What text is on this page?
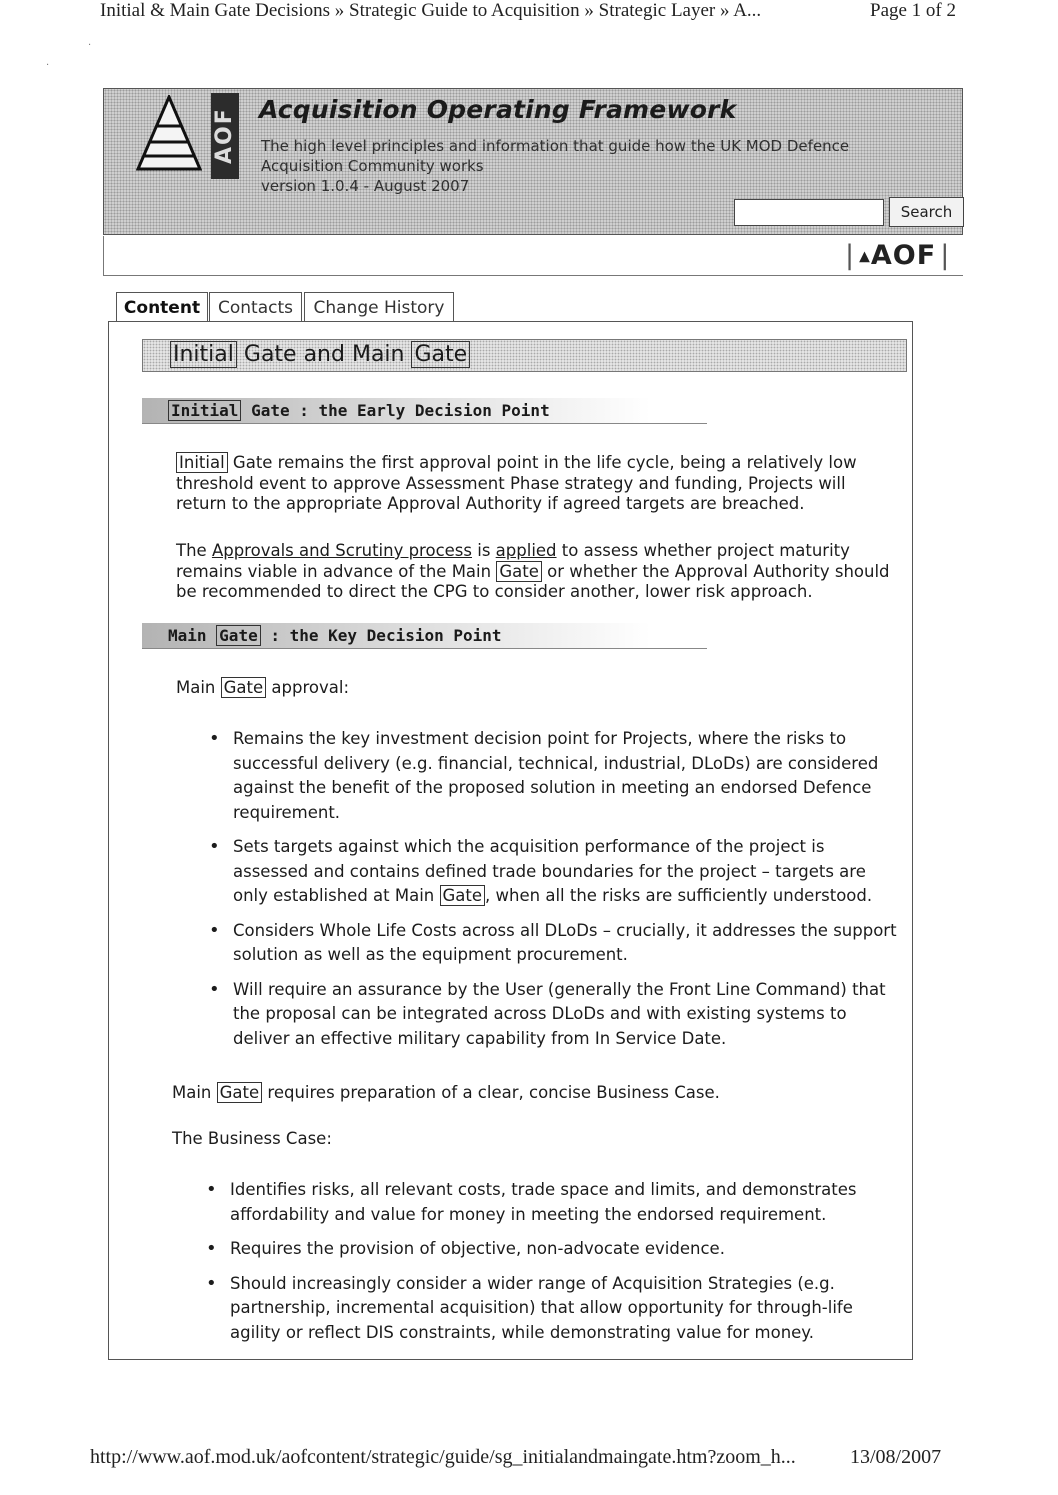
Initial & Main Gate Decisions » Strategic Guide to Acquisition » Strategic Layer » A...	Page 1 of 2
·
·
AOF Acquisition Operating Framework
The high level principles and information that guide how the UK MOD Defence Acquisition Community works
version 1.0.4 - August 2007
Search
| ▲AOF |
Content	Contacts	Change History
Initial Gate and Main Gate
Initial Gate : the Early Decision Point
Initial Gate remains the first approval point in the life cycle, being a relatively low threshold event to approve Assessment Phase strategy and funding, Projects will return to the appropriate Approval Authority if agreed targets are breached.
The Approvals and Scrutiny process is applied to assess whether project maturity remains viable in advance of the Main Gate or whether the Approval Authority should be recommended to direct the CPG to consider another, lower risk approach.
Main Gate : the Key Decision Point
Main Gate approval:
• Remains the key investment decision point for Projects, where the risks to successful delivery (e.g. financial, technical, industrial, DLoDs) are considered against the benefit of the proposed solution in meeting an endorsed Defence requirement.
• Sets targets against which the acquisition performance of the project is assessed and contains defined trade boundaries for the project – targets are only established at Main Gate , when all the risks are sufficiently understood.
• Considers Whole Life Costs across all DLoDs – crucially, it addresses the support solution as well as the equipment procurement.
• Will require an assurance by the User (generally the Front Line Command) that the proposal can be integrated across DLoDs and with existing systems to deliver an effective military capability from In Service Date.
Main Gate requires preparation of a clear, concise Business Case.
The Business Case:
• Identifies risks, all relevant costs, trade space and limits, and demonstrates affordability and value for money in meeting the endorsed requirement.
• Requires the provision of objective, non-advocate evidence.
• Should increasingly consider a wider range of Acquisition Strategies (e.g. partnership, incremental acquisition) that allow opportunity for through-life agility or reflect DIS constraints, while demonstrating value for money.
http://www.aof.mod.uk/aofcontent/strategic/guide/sg_initialandmaingate.htm?zoom_h...	13/08/2007
